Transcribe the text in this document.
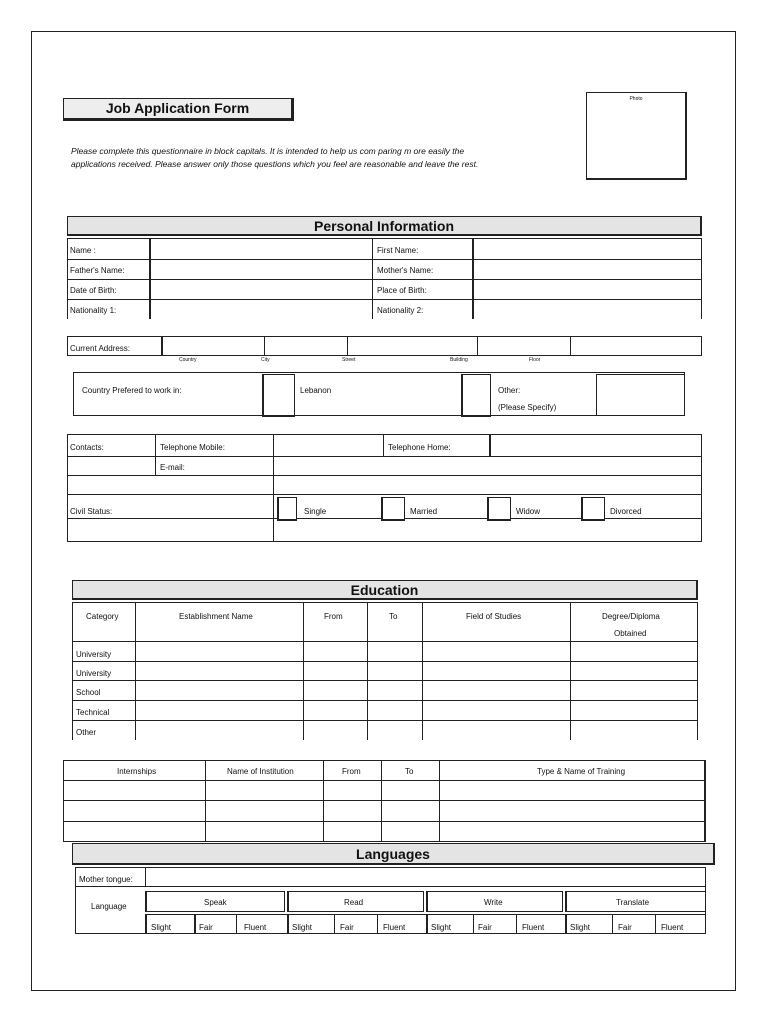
Job Application Form
Please complete this questionnaire in block capitals. It is intended to help us com paring m ore easily the
applications received. Please answer only those questions which you feel are reasonable and leave the rest.
Photo
Personal Information
Name :	First Name:
Father's Name:	Mother's Name:
Date of Birth:	Place of Birth:
Nationality 1:	Nationality 2:
Current Address:
Country	City	Street	Building	Floor
Country Prefered to work in:	Lebanon	Other:
(Please Specify)
Contacts:	Telephone Mobile:	Telephone Home:
E-mail:
Civil Status:	Single	Married	Widow	Divorced
Education
Category	Establishment Name	From	To	Field of Studies	Degree/Diploma
Obtained
University
University
School
Technical
Other
Internships	Name of Institution	From	To	Type & Name of Training
Languages
Mother tongue:
Language	Speak	Read	Write	Translate
Slight	Fair	Fluent	Slight	Fair	Fluent	Slight	Fair	Fluent	Slight	Fair	Fluent
